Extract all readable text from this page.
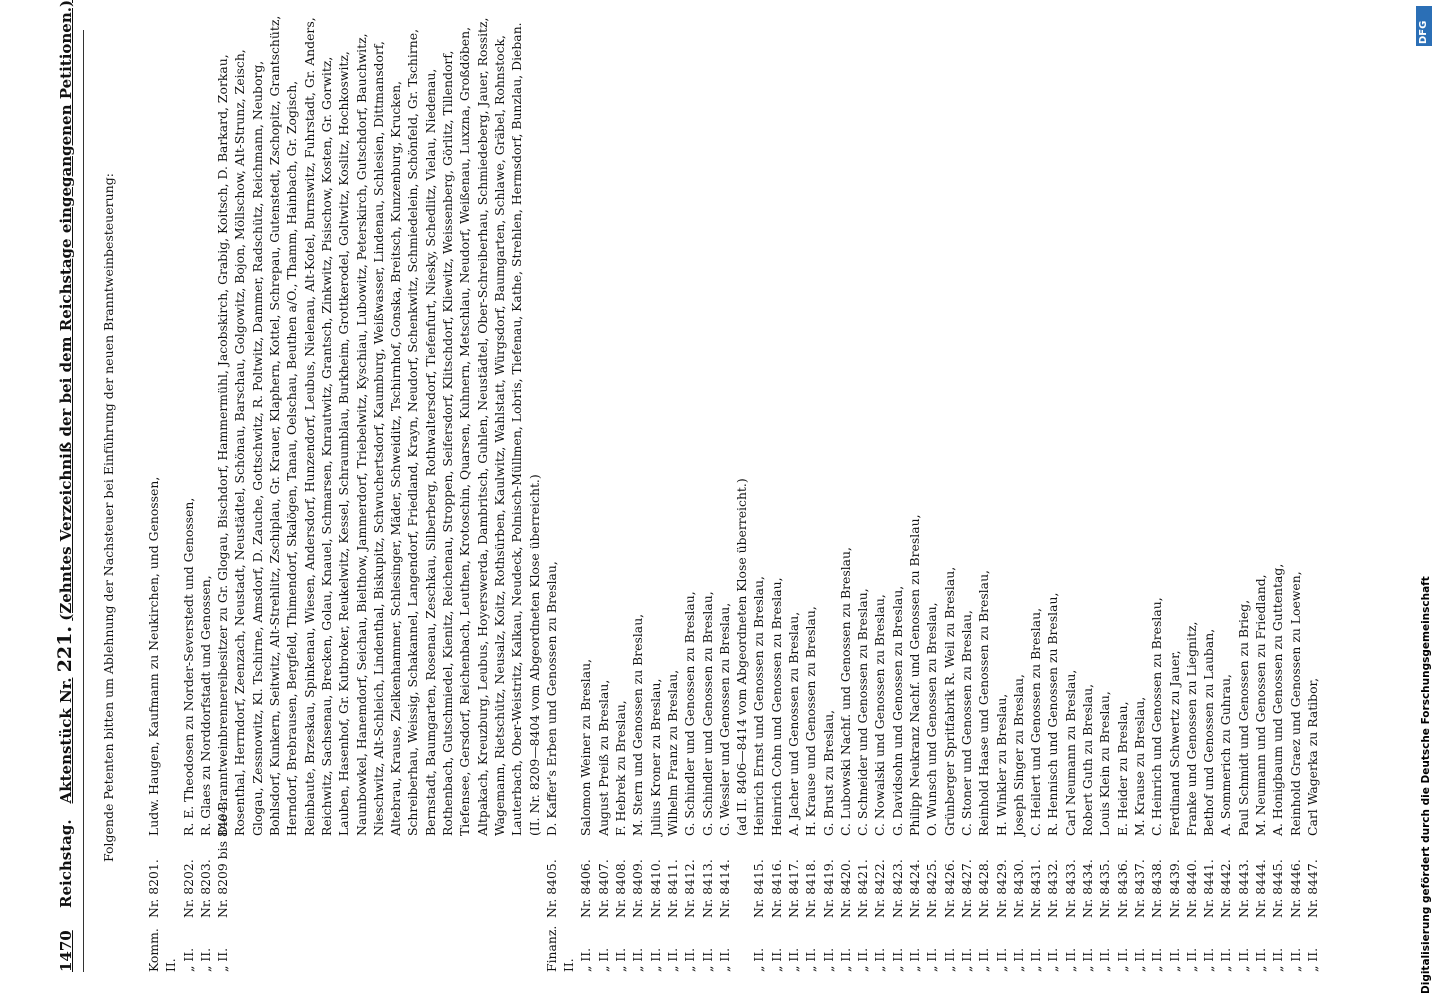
1470Reichstag.Aktenstück Nr. 221. (Zehntes Verzeichniß der bei dem Reichstage eingegangenen Petitionen.)	Folgende Petenten bitten um Ablehnung der Nachsteuer bei Einführung der neuen Branntweinbesteuerung:

Komm. II.
Nr. 8201.
Ludw. Haugen, Kaufmann zu Neukirchen, und Genossen,
„ II.
Nr. 8202.
R. E. Theodosen zu Norder-Severstedt und Genossen,
„ II.
Nr. 8203.
R. Glaes zu Norddorfstadt und Genossen,
„ II.
Nr. 8209 bis 8404.
Die Branntweinbrennereibesitzer zu Gr. Glogau, Bischdorf, Hammermühl, Jacobskirch, Grabig, Koitsch, D. Barkard, Zorkau, Rosenthal, Herrndorf, Zeenzach, Neustadt, Neustädtel, Schönau, Barschau, Golgowitz, Bojon, Möllschow, Alt-Strunz, Zeisch, Glogau, Zessnowitz, Kl. Tschirne, Amsdorf, D. Zauche, Gottschwitz, R. Poltwitz, Dammer, Radschütz, Reichmann, Neuborg, Bohlsdorf, Kunkern, Seitwitz, Alt-Strehlitz, Zschiplau, Gr. Krauer, Klaphern, Kottel, Schrepau, Gutenstedt, Zschopitz, Grantschütz, Herndorf, Brebrausen, Bergfeld, Thimendorf, Skalögen, Tanau, Oelschau, Beuthen a/O., Thamm, Hainbach, Gr. Zogisch, Reinbaute, Brzeskau, Spinkenau, Wiesen, Andersdorf, Hunzendorf, Leubus, Nielenau, Alt-Kotel, Burnswitz, Fuhrstadt, Gr. Anders, Reichwitz, Sachsenau, Brecken, Golau, Knauel, Schmarsen, Knrautwitz, Grantsch, Zinkwitz, Pisischow, Kosten, Gr. Gorwitz, Lauben, Hasenhof, Gr. Kutbroker, Reukelwitz, Kessel, Schraumblau, Burkheim, Grottkerodel, Goltwitz, Koslitz, Hochkoswitz, Naunbowkel, Hanemdorf, Seichau, Bielthow, Jammerdorf, Triebelwitz, Kyschiau, Lubowitz, Peterskirch, Gutschdorf, Bauchwitz, Nieschwitz, Alt-Schleich, Lindenthal, Biskupitz, Schwuchertsdorf, Kaumburg, Weißwasser, Lindenau, Schlesien, Dittmansdorf, Altebrau, Krause, Zielkenhammer, Schlesinger, Mäder, Schweiditz, Tschirnhof, Gonska, Breitsch, Kunzenburg, Krucken, Schreiberhau, Weissig, Schakannel, Langendorf, Friedland, Krayn, Neudorf, Schenkwitz, Schmiedelein, Schönfeld, Gr. Tschirne, Bernstadt, Baumgarten, Rosenau, Zeschkau, Silberberg, Rothwaltersdorf, Tiefenfurt, Niesky, Schedlitz, Vielau, Niedenau, Rothenbach, Gutschmiedel, Kienitz, Reichenau, Stroppen, Seifersdorf, Klitschdorf, Kliewitz, Weissenberg, Görlitz, Tillendorf, Tiefensee, Gersdorf, Reichenbach, Leuthen, Krotoschin, Quarsen, Kuhnern, Metschlau, Neudorf, Weißenau, Luxzna, Großdöben, Altpakach, Kreuzburg, Leubus, Hoyerswerda, Dambritsch, Guhlen, Neustädtel, Ober-Schreiberhau, Schmiedeberg, Jauer, Rossitz, Wagemann, Rietschütz, Neusalz, Koitz, Rothsürben, Kaulwitz, Wahlstatt, Würgsdorf, Baumgarten, Schlawe, Gräbel, Rohnstock, Lauterbach, Ober-Weistritz, Kalkau, Neudeck, Polnisch-Müllmen, Lobris, Tiefenau, Kathe, Strehlen, Hermsdorf, Bunzlau, Dieban. (II. Nr. 8209—8404 vom Abgeordneten Klose überreicht.)
Finanz. II.
Nr. 8405.
D. Kaffer's Erben und Genossen zu Breslau,
„ II.
Nr. 8406.
Salomon Weiner zu Breslau,
„ II.
Nr. 8407.
August Preiß zu Breslau,
„ II.
Nr. 8408.
F. Hebrek zu Breslau,
„ II.
Nr. 8409.
M. Stern und Genossen zu Breslau,
„ II.
Nr. 8410.
Julius Kroner zu Breslau,
„ II.
Nr. 8411.
Wilhelm Franz zu Breslau,
„ II.
Nr. 8412.
G. Schindler und Genossen zu Breslau,
„ II.
Nr. 8413.
G. Schindler und Genossen zu Breslau,
„ II.
Nr. 8414.
G. Wessler und Genossen zu Breslau, (ad II. 8406—8414 vom Abgeordneten Klose überreicht.)
„ II.
Nr. 8415.
Heinrich Ernst und Genossen zu Breslau,
„ II.
Nr. 8416.
Heinrich Cohn und Genossen zu Breslau,
„ II.
Nr. 8417.
A. Jacher und Genossen zu Breslau,
„ II.
Nr. 8418.
H. Krause und Genossen zu Breslau,
„ II.
Nr. 8419.
G. Brust zu Breslau,
„ II.
Nr. 8420.
C. Lubowski Nachf. und Genossen zu Breslau,
„ II.
Nr. 8421.
C. Schneider und Genossen zu Breslau,
„ II.
Nr. 8422.
C. Nowalski und Genossen zu Breslau,
„ II.
Nr. 8423.
G. Davidsohn und Genossen zu Breslau,
„ II.
Nr. 8424.
Philipp Neukranz Nachf. und Genossen zu Breslau,
„ II.
Nr. 8425.
O. Wunsch und Genossen zu Breslau,
„ II.
Nr. 8426.
Grünberger Spritfabrik R. Weil zu Breslau,
„ II.
Nr. 8427.
C. Stoner und Genossen zu Breslau,
„ II.
Nr. 8428.
Reinhold Haase und Genossen zu Breslau,
„ II.
Nr. 8429.
H. Winkler zu Breslau,
„ II.
Nr. 8430.
Joseph Singer zu Breslau,
„ II.
Nr. 8431.
C. Heilert und Genossen zu Breslau,
„ II.
Nr. 8432.
R. Hennisch und Genossen zu Breslau,
„ II.
Nr. 8433.
Carl Neumann zu Breslau,
„ II.
Nr. 8434.
Robert Guth zu Breslau,
„ II.
Nr. 8435.
Louis Klein zu Breslau,
„ II.
Nr. 8436.
E. Heider zu Breslau,
„ II.
Nr. 8437.
M. Krause zu Breslau,
„ II.
Nr. 8438.
C. Heinrich und Genossen zu Breslau,
„ II.
Nr. 8439.
Ferdinand Schwertz zu Jauer,
„ II.
Nr. 8440.
Franke und Genossen zu Liegnitz,
„ II.
Nr. 8441.
Bethof und Genossen zu Lauban,
„ II.
Nr. 8442.
A. Sommerich zu Guhrau,
„ II.
Nr. 8443.
Paul Schmidt und Genossen zu Brieg,
„ II.
Nr. 8444.
M. Neumann und Genossen zu Friedland,
„ II.
Nr. 8445.
A. Honigbaum und Genossen zu Guttentag,
„ II.
Nr. 8446.
Reinhold Graez und Genossen zu Loewen,
„ II.
Nr. 8447.
Carl Wagerka zu Ratibor,
DFG
Digitalisierung gefördert durch die Deutsche Forschungsgemeinschaft
